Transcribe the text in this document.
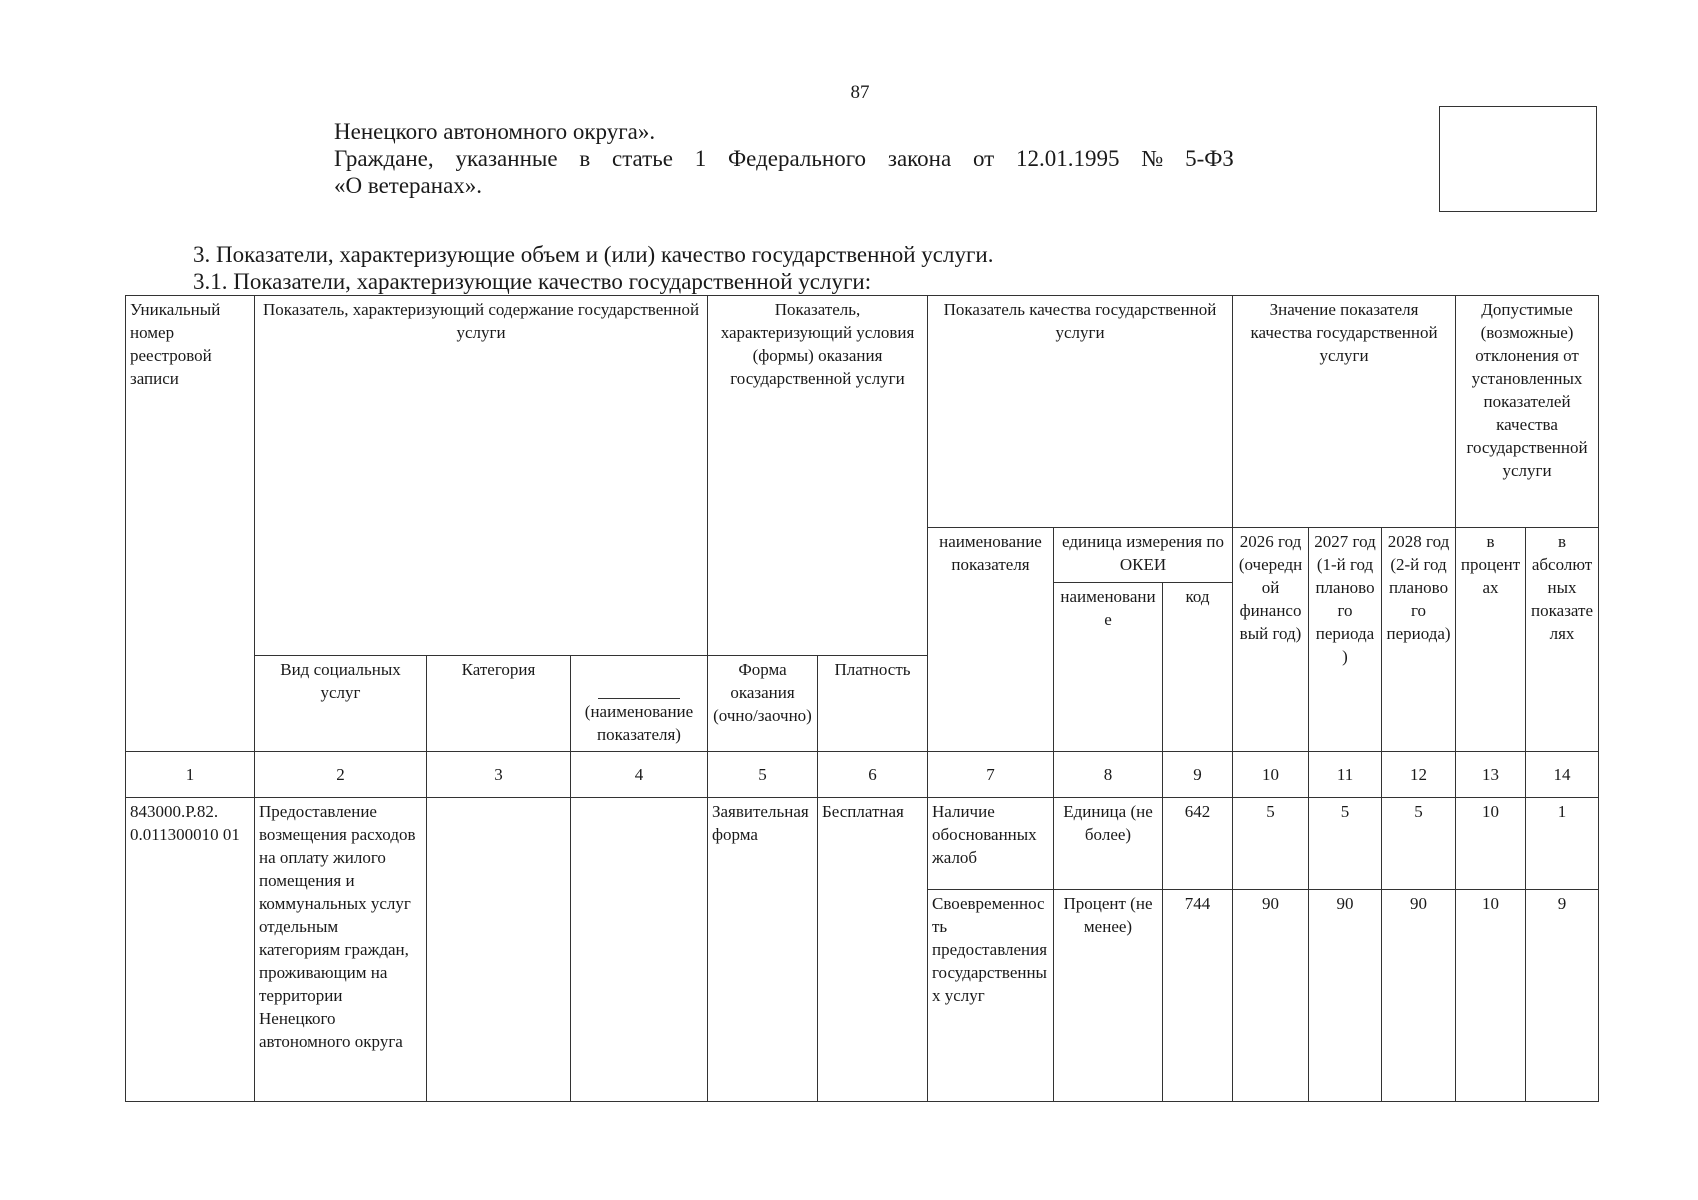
87
Ненецкого автономного округа».
Граждане, указанные в статье 1 Федерального закона от 12.01.1995 № 5-ФЗ
«О ветеранах».
3. Показатели, характеризующие объем и (или) качество государственной услуги.
3.1. Показатели, характеризующие качество государственной услуги:
Уникальный номер реестровой записи	Показатель, характеризующий содержание государственной услуги			Показатель, характеризующий условия (формы) оказания государственной услуги		Показатель качества государственной услуги			Значение показателя качества государственной услуги			Допустимые (возможные) отклонения от установленных показателей качества государственной услуги	
						наименование показателя	единица измерения по ОКЕИ		2026 год (очередной финансовый год)	2027 год (1-й год планового периода)	2028 год (2-й год планового периода)	в процентах	в абсолютных показателях
							наименование	код					
	Вид социальных услуг	Категория	(наименование показателя)	Форма оказания (очно/заочно)	Платность								
1	2	3	4	5	6	7	8	9	10	11	12	13	14
843000.Р.82. 0.011300010 01	Предоставление возмещения расходов на оплату жилого помещения и коммунальных услуг отдельным категориям граждан, проживающим на территории Ненецкого автономного округа			Заявительная форма	Бесплатная	Наличие обоснованных жалоб	Единица (не более)	642	5	5	5	10	1
						Своевременность предоставления государственных услуг	Процент (не менее)	744	90	90	90	10	9
